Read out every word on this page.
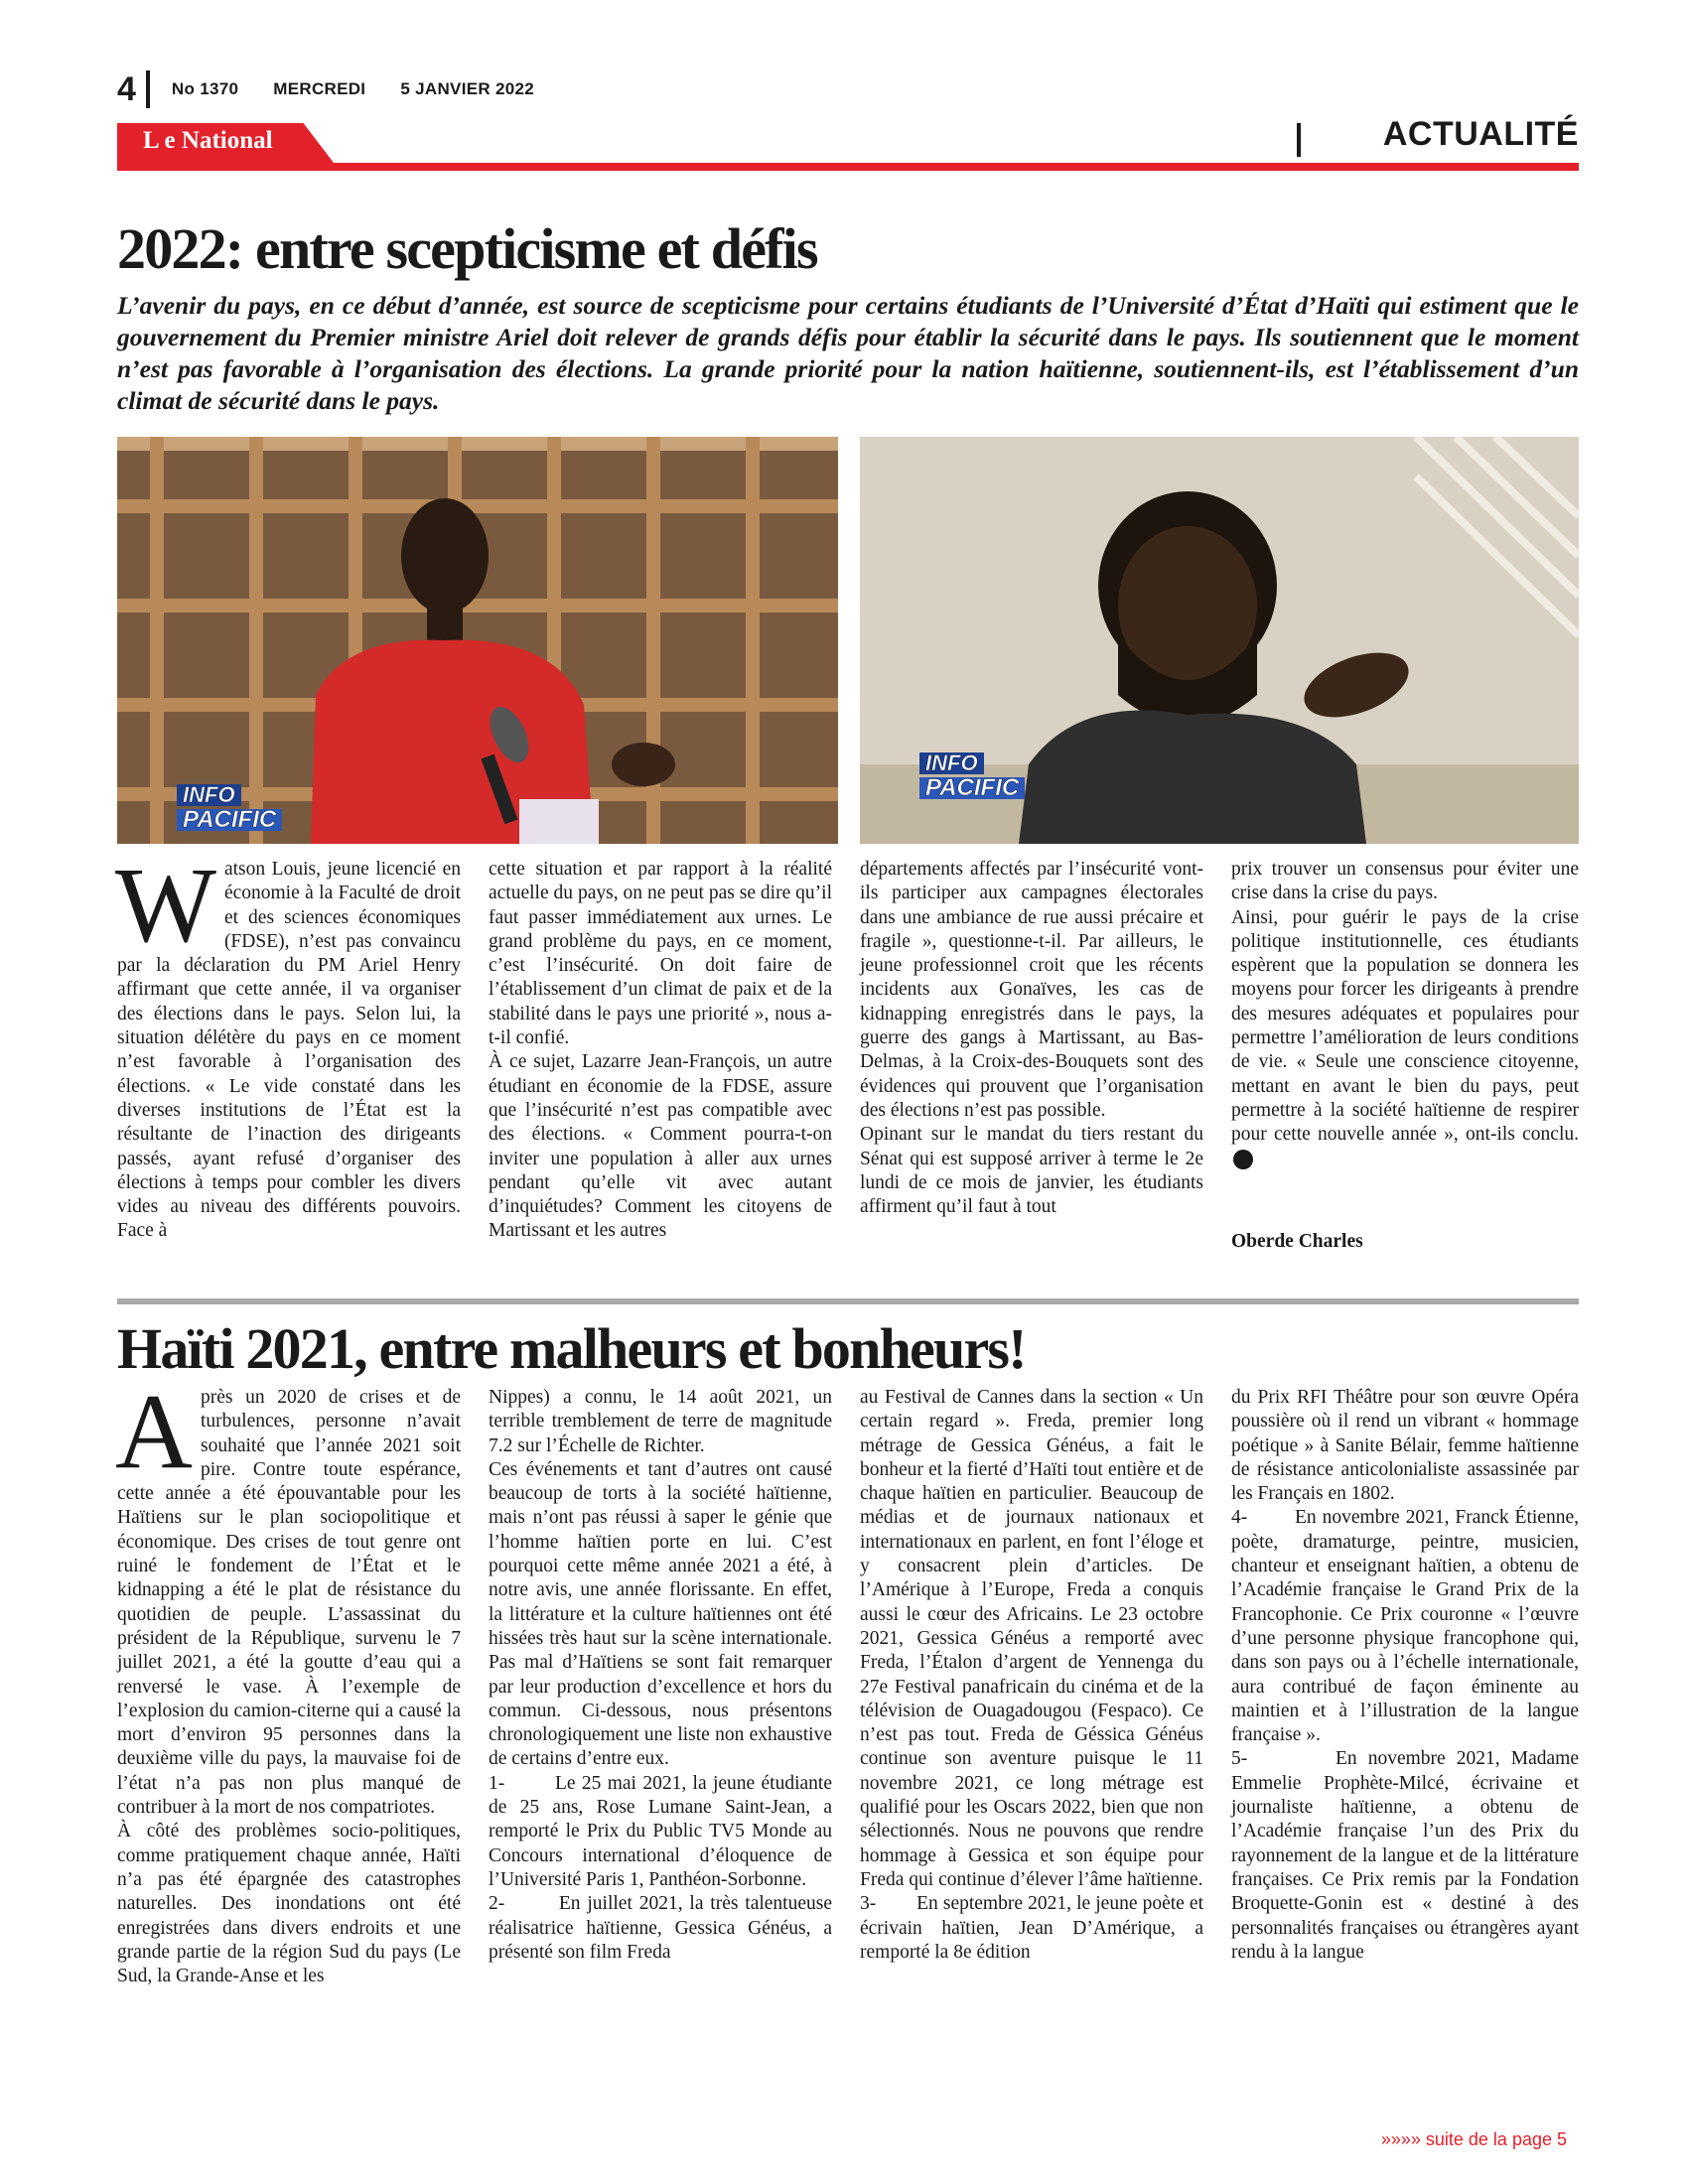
4 No 1370 MERCREDI 5 JANVIER 2022
L e National	ACTUALITÉ
2022: entre scepticisme et défis
L’avenir du pays, en ce début d’année, est source de scepticisme pour certains étudiants de l’Université d’État d’Haïti qui estiment que le gouvernement du Premier ministre Ariel doit relever de grands défis pour établir la sécurité dans le pays. Ils soutiennent que le moment n’est pas favorable à l’organisation des élections. La grande priorité pour la nation haïtienne, soutiennent-ils, est l’établissement d’un climat de sécurité dans le pays.
INFO
PACIFIC

INFO
PACIFIC

Watson Louis, jeune licencié en économie à la Faculté de droit et des sciences économiques (FDSE), n’est pas convaincu par la déclaration du PM Ariel Henry affirmant que cette année, il va organiser des élections dans le pays. Selon lui, la situation délétère du pays en ce moment n’est favorable à l’organisation des élections. « Le vide constaté dans les diverses institutions de l’État est la résultante de l’inaction des dirigeants passés, ayant refusé d’organiser des élections à temps pour combler les divers vides au niveau des différents pouvoirs. Face à

cette situation et par rapport à la réalité actuelle du pays, on ne peut pas se dire qu’il faut passer immédiatement aux urnes. Le grand problème du pays, en ce moment, c’est l’insécurité. On doit faire de l’établissement d’un climat de paix et de la stabilité dans le pays une priorité », nous a-t-il confié.

À ce sujet, Lazarre Jean-François, un autre étudiant en économie de la FDSE, assure que l’insécurité n’est pas compatible avec des élections. « Comment pourra-t-on inviter une population à aller aux urnes pendant qu’elle vit avec autant d’inquiétudes? Comment les citoyens de Martissant et les autres

départements affectés par l’insécurité vont-ils participer aux campagnes électorales dans une ambiance de rue aussi précaire et fragile », questionne-t-il. Par ailleurs, le jeune professionnel croit que les récents incidents aux Gonaïves, les cas de kidnapping enregistrés dans le pays, la guerre des gangs à Martissant, au Bas-Delmas, à la Croix-des-Bouquets sont des évidences qui prouvent que l’organisation des élections n’est pas possible.

Opinant sur le mandat du tiers restant du Sénat qui est supposé arriver à terme le 2e lundi de ce mois de janvier, les étudiants affirment qu’il faut à tout

prix trouver un consensus pour éviter une crise dans la crise du pays.

Ainsi, pour guérir le pays de la crise politique institutionnelle, ces étudiants espèrent que la population se donnera les moyens pour forcer les dirigeants à prendre des mesures adéquates et populaires pour permettre l’amélioration de leurs conditions de vie. « Seule une conscience citoyenne, mettant en avant le bien du pays, peut permettre à la société haïtienne de respirer pour cette nouvelle année », ont-ils conclu.

Oberde Charles
Haïti 2021, entre malheurs et bonheurs!

Après un 2020 de crises et de turbulences, personne n’avait souhaité que l’année 2021 soit pire. Contre toute espérance, cette année a été épouvantable pour les Haïtiens sur le plan sociopolitique et économique. Des crises de tout genre ont ruiné le fondement de l’État et le kidnapping a été le plat de résistance du quotidien de peuple. L’assassinat du président de la République, survenu le 7 juillet 2021, a été la goutte d’eau qui a renversé le vase. À l’exemple de l’explosion du camion-citerne qui a causé la mort d’environ 95 personnes dans la deuxième ville du pays, la mauvaise foi de l’état n’a pas non plus manqué de contribuer à la mort de nos compatriotes.

À côté des problèmes socio-politiques, comme pratiquement chaque année, Haïti n’a pas été épargnée des catastrophes naturelles. Des inondations ont été enregistrées dans divers endroits et une grande partie de la région Sud du pays (Le Sud, la Grande-Anse et les

Nippes) a connu, le 14 août 2021, un terrible tremblement de terre de magnitude 7.2 sur l’Échelle de Richter.

Ces événements et tant d’autres ont causé beaucoup de torts à la société haïtienne, mais n’ont pas réussi à saper le génie que l’homme haïtien porte en lui. C’est pourquoi cette même année 2021 a été, à notre avis, une année florissante. En effet, la littérature et la culture haïtiennes ont été hissées très haut sur la scène internationale. Pas mal d’Haïtiens se sont fait remarquer par leur production d’excellence et hors du commun. Ci-dessous, nous présentons chronologiquement une liste non exhaustive de certains d’entre eux.

1-        Le 25 mai 2021, la jeune étudiante de 25 ans, Rose Lumane Saint-Jean, a remporté le Prix du Public TV5 Monde au Concours international d’éloquence de l’Université Paris 1, Panthéon-Sorbonne.

2-        En juillet 2021, la très talentueuse réalisatrice haïtienne, Gessica Généus, a présenté son film Freda

au Festival de Cannes dans la section « Un certain regard ». Freda, premier long métrage de Gessica Généus, a fait le bonheur et la fierté d’Haïti tout entière et de chaque haïtien en particulier. Beaucoup de médias et de journaux nationaux et internationaux en parlent, en font l’éloge et y consacrent plein d’articles. De l’Amérique à l’Europe, Freda a conquis aussi le cœur des Africains. Le 23 octobre 2021, Gessica Généus a remporté avec Freda, l’Étalon d’argent de Yennenga du 27e Festival panafricain du cinéma et de la télévision de Ouagadougou (Fespaco). Ce n’est pas tout. Freda de Géssica Généus continue son aventure puisque le 11 novembre 2021, ce long métrage est qualifié pour les Oscars 2022, bien que non sélectionnés. Nous ne pouvons que rendre hommage à Gessica et son équipe pour Freda qui continue d’élever l’âme haïtienne.

3-        En septembre 2021, le jeune poète et écrivain haïtien, Jean D’Amérique, a remporté la 8e édition

du Prix RFI Théâtre pour son œuvre Opéra poussière où il rend un vibrant « hommage poétique » à Sanite Bélair, femme haïtienne de résistance anticolonialiste assassinée par les Français en 1802.

4-        En novembre 2021, Franck Étienne, poète, dramaturge, peintre, musicien, chanteur et enseignant haïtien, a obtenu de l’Académie française le Grand Prix de la Francophonie. Ce Prix couronne « l’œuvre d’une personne physique francophone qui, dans son pays ou à l’échelle internationale, aura contribué de façon éminente au maintien et à l’illustration de la langue française ».

5-        En novembre 2021, Madame Emmelie Prophète-Milcé, écrivaine et journaliste haïtienne, a obtenu de l’Académie française l’un des Prix du rayonnement de la langue et de la littérature françaises. Ce Prix remis par la Fondation Broquette-Gonin est « destiné à des personnalités françaises ou étrangères ayant rendu à la langue

»»»» suite de la page 5
